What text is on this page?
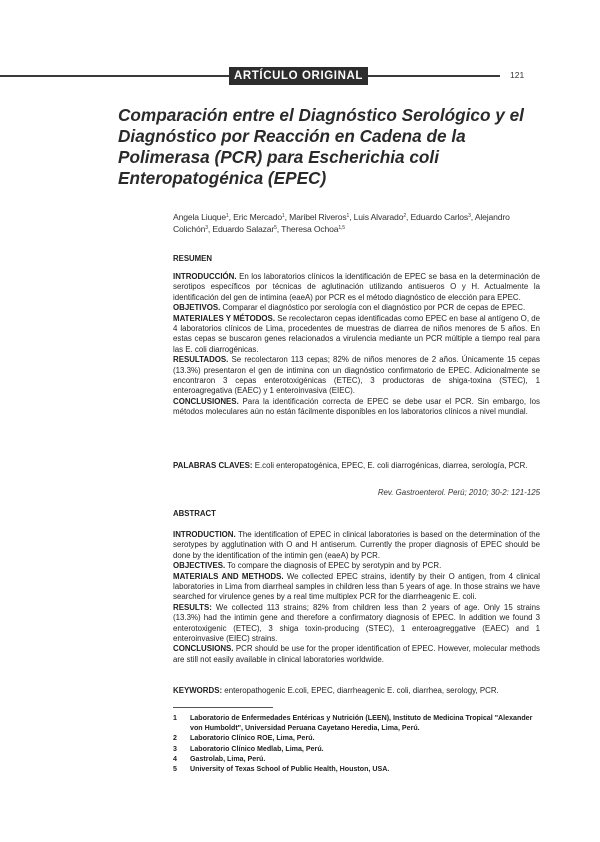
ARTÍCULO ORIGINAL	121
Comparación entre el Diagnóstico Serológico y el Diagnóstico por Reacción en Cadena de la Polimerasa (PCR) para Escherichia coli Enteropatogénica (EPEC)
Angela Liuque$^1$, Eric Mercado$^1$, Maribel Riveros$^1$, Luis Alvarado$^2$, Eduardo Carlos$^3$, Alejandro Colichón$^3$, Eduardo Salazar$^5$, Theresa Ochoa$^{1,5}$
RESUMEN

INTRODUCCIÓN. En los laboratorios clínicos la identificación de EPEC se basa en la determinación de serotipos específicos por técnicas de aglutinación utilizando antisueros O y H. Actualmente la identificación del gen de intimina (eaeA) por PCR es el método diagnóstico de elección para EPEC.

OBJETIVOS. Comparar el diagnóstico por serología con el diagnóstico por PCR de cepas de EPEC.

MATERIALES Y MÉTODOS. Se recolectaron cepas identificadas como EPEC en base al antígeno O, de 4 laboratorios clínicos de Lima, procedentes de muestras de diarrea de niños menores de 5 años. En estas cepas se buscaron genes relacionados a virulencia mediante un PCR múltiple a tiempo real para las E. coli diarrogénicas.

RESULTADOS. Se recolectaron 113 cepas; 82% de niños menores de 2 años. Únicamente 15 cepas (13.3%) presentaron el gen de intimina con un diagnóstico confirmatorio de EPEC. Adicionalmente se encontraron 3 cepas enterotoxigénicas (ETEC), 3 productoras de shiga-toxina (STEC), 1 enteroagregativa (EAEC) y 1 enteroinvasiva (EIEC).

CONCLUSIONES. Para la identificación correcta de EPEC se debe usar el PCR. Sin embargo, los métodos moleculares aún no están fácilmente disponibles en los laboratorios clínicos a nivel mundial.

PALABRAS CLAVES: E.coli enteropatogénica, EPEC, E. coli diarrogénicas, diarrea, serología, PCR.

Rev. Gastroenterol. Perú; 2010; 30-2: 121-125
ABSTRACT

INTRODUCTION. The identification of EPEC in clinical laboratories is based on the determination of the serotypes by agglutination with O and H antiserum. Currently the proper diagnosis of EPEC should be done by the identification of the intimin gen (eaeA) by PCR.

OBJECTIVES. To compare the diagnosis of EPEC by serotypin and by PCR.

MATERIALS AND METHODS. We collected EPEC strains, identify by their O antigen, from 4 clinical laboratories in Lima from diarrheal samples in children less than 5 years of age. In those strains we have searched for virulence genes by a real time multiplex PCR for the diarrheagenic E. coli.

RESULTS: We collected 113 strains; 82% from children less than 2 years of age. Only 15 strains (13.3%) had the intimin gene and therefore a confirmatory diagnosis of EPEC. In addition we found 3 enterotoxigenic (ETEC), 3 shiga toxin-producing (STEC), 1 enteroagreggative (EAEC) and 1 enteroinvasive (EIEC) strains.

CONCLUSIONS. PCR should be use for the proper identification of EPEC. However, molecular methods are still not easily available in clinical laboratories worldwide.

KEYWORDS: enteropathogenic E.coli, EPEC, diarrheagenic E. coli, diarrhea, serology, PCR.

1	Laboratorio de Enfermedades Entéricas y Nutrición (LEEN), Instituto de Medicina Tropical "Alexander von Humboldt", Universidad Peruana Cayetano Heredia, Lima, Perú.
2	Laboratorio Clínico ROE, Lima, Perú.
3	Laboratorio Clínico Medlab, Lima, Perú.
4	Gastrolab, Lima, Perú.
5	University of Texas School of Public Health, Houston, USA.
